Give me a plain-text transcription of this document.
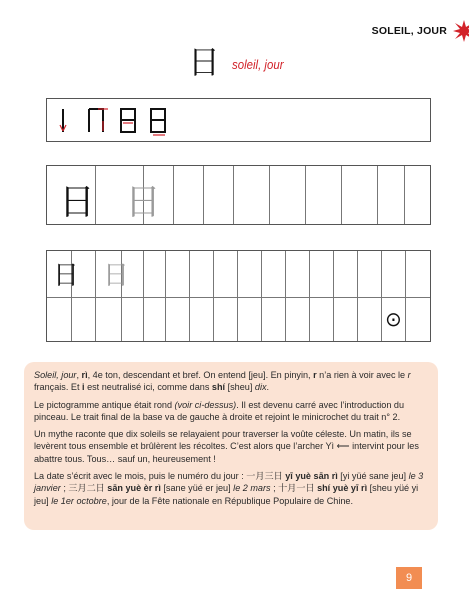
SOLEIL, JOUR
日 soleil, jour
日 日
日 日
⊙

Soleil, jour, rì, 4e ton, descendant et bref. On entend [jeu]. En pinyin, r n’a rien à voir avec le r français. Et i est neutralisé ici, comme dans shí [sheu] dix.

Le pictogramme antique était rond (voir ci-dessus). Il est devenu carré avec l’introduction du pinceau. Le trait final de la base va de gauche à droite et rejoint le minicrochet du trait n° 2.

Un mythe raconte que dix soleils se relayaient pour traverser la voûte céleste. Un matin, ils se levèrent tous ensemble et brûlèrent les récoltes. C’est alors que l’archer Yì ⟵ intervint pour les abattre tous. Tous… sauf un, heureusement !

La date s’écrit avec le mois, puis le numéro du jour : 一月三日 yī yuè sān rì [yi yüé sane jeu] le 3 janvier ; 三月二日 sān yuè èr rì [sane yüé er jeu] le 2 mars ; 十月一日 shí yuè yī rì [sheu yüé yi jeu] le 1er octobre, jour de la Fête nationale en République Populaire de Chine.

9
